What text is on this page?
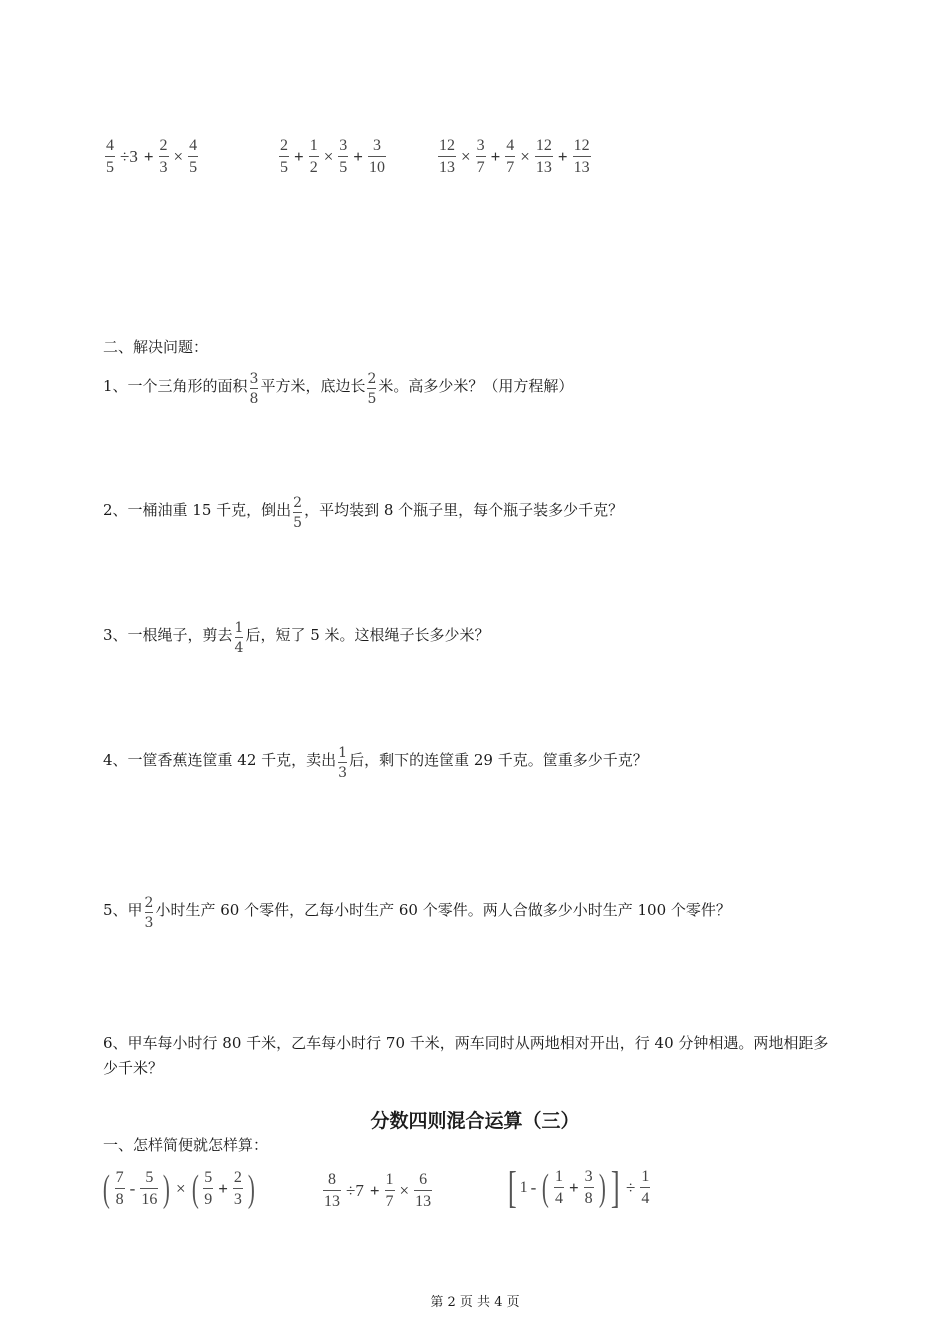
$\frac{4}{5} \div 3 + \frac{2}{3} \times \frac{4}{5}$	$\frac{2}{5} + \frac{1}{2} \times \frac{3}{5} + \frac{3}{10}$	$\frac{12}{13} \times \frac{3}{7} + \frac{4}{7} \times \frac{12}{13} + \frac{12}{13}$
二、解决问题：
1、一个三角形的面积 $\frac{3}{8}$ 平方米，底边长 $\frac{2}{5}$ 米。高多少米？（用方程解）
2、一桶油重 15 千克，倒出 $\frac{2}{5}$ ，平均装到 8 个瓶子里，每个瓶子装多少千克？
3、一根绳子，剪去 $\frac{1}{4}$ 后，短了 5 米。这根绳子长多少米？
4、一筐香蕉连筐重 42 千克，卖出 $\frac{1}{3}$ 后，剩下的连筐重 29 千克。筐重多少千克？
5、甲 $\frac{2}{3}$ 小时生产 60 个零件，乙每小时生产 60 个零件。两人合做多少小时生产 100 个零件？
6、甲车每小时行 80 千米，乙车每小时行 70 千米，两车同时从两地相对开出，行 40 分钟相遇。两地相距多
少千米？
分数四则混合运算（三）
一、怎样简便就怎样算：
( $\frac{7}{8} - \frac{5}{16}$ ) × ( $\frac{5}{9} + \frac{2}{3}$ )	$\frac{8}{13} \div 7 + \frac{1}{7} \times \frac{6}{13}$ [ 1 - ( $\frac{1}{4} + \frac{3}{8}$ ) ] ÷ $\frac{1}{4}$
第 2 页 共 4 页
